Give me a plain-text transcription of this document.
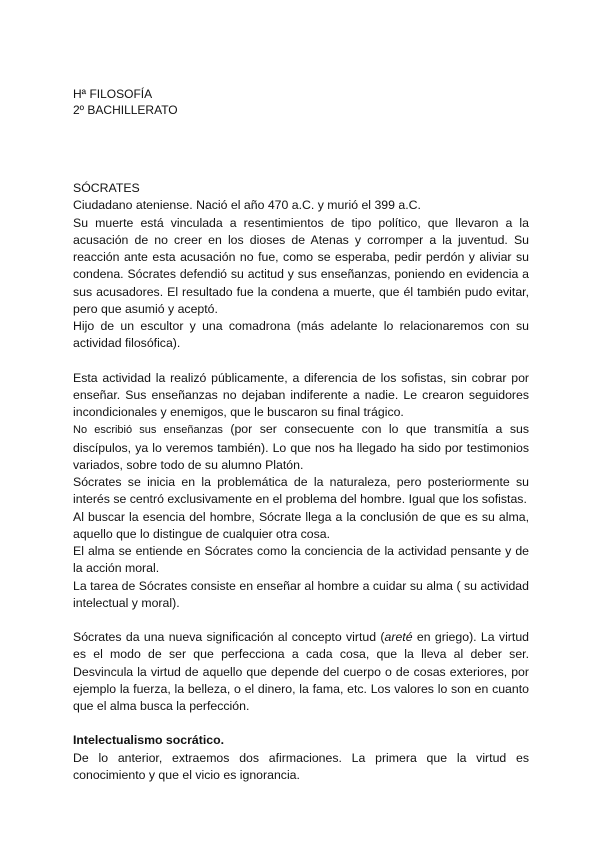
Hª FILOSOFÍA
2º BACHILLERATO

SÓCRATES

Ciudadano ateniense. Nació el año 470 a.C. y murió el 399 a.C.

Su muerte está vinculada a resentimientos de tipo político, que llevaron a la acusación de no creer en los dioses de Atenas y corromper a la juventud. Su reacción ante esta acusación no fue, como se esperaba, pedir perdón y aliviar su condena. Sócrates defendió su actitud y sus enseñanzas, poniendo en evidencia a sus acusadores. El resultado fue la condena a muerte, que él también pudo evitar, pero que asumió y aceptó.

Hijo de un escultor y una comadrona (más adelante lo relacionaremos con su actividad filosófica).

Esta actividad la realizó públicamente, a diferencia de los sofistas, sin cobrar por enseñar. Sus enseñanzas no dejaban indiferente a nadie. Le crearon seguidores incondicionales y enemigos, que le buscaron su final trágico.

No escribió sus enseñanzas (por ser consecuente con lo que transmitía a sus discípulos, ya lo veremos también). Lo que nos ha llegado ha sido por testimonios variados, sobre todo de su alumno Platón.

Sócrates se inicia en la problemática de la naturaleza, pero posteriormente su interés se centró exclusivamente en el problema del hombre. Igual que los sofistas.

Al buscar la esencia del hombre, Sócrate llega a la conclusión de que es su alma, aquello que lo distingue de cualquier otra cosa.

El alma se entiende en Sócrates como la conciencia de la actividad pensante y de la acción moral.

La tarea de Sócrates consiste en enseñar al hombre a cuidar su alma ( su actividad intelectual y moral).

Sócrates da una nueva significación al concepto virtud (areté en griego). La virtud es el modo de ser que perfecciona a cada cosa, que la lleva al deber ser. Desvincula la virtud de aquello que depende del cuerpo o de cosas exteriores, por ejemplo la fuerza, la belleza, o el dinero, la fama, etc. Los valores lo son en cuanto que el alma busca la perfección.

Intelectualismo socrático.

De lo anterior, extraemos dos afirmaciones. La primera que la virtud es conocimiento y que el vicio es ignorancia.
